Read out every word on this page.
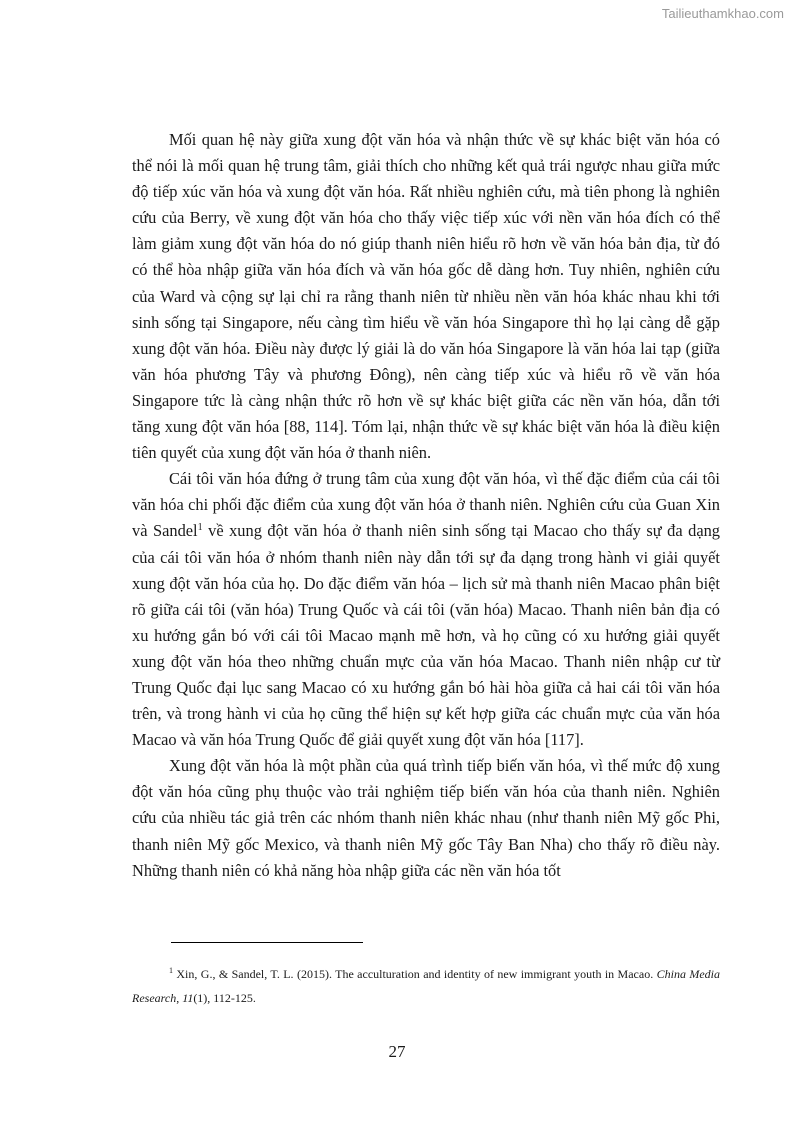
Tailieuthamkhao.com

Mối quan hệ này giữa xung đột văn hóa và nhận thức về sự khác biệt văn hóa có thể nói là mối quan hệ trung tâm, giải thích cho những kết quả trái ngược nhau giữa mức độ tiếp xúc văn hóa và xung đột văn hóa. Rất nhiều nghiên cứu, mà tiên phong là nghiên cứu của Berry, về xung đột văn hóa cho thấy việc tiếp xúc với nền văn hóa đích có thể làm giảm xung đột văn hóa do nó giúp thanh niên hiểu rõ hơn về văn hóa bản địa, từ đó có thể hòa nhập giữa văn hóa đích và văn hóa gốc dễ dàng hơn. Tuy nhiên, nghiên cứu của Ward và cộng sự lại chỉ ra rằng thanh niên từ nhiều nền văn hóa khác nhau khi tới sinh sống tại Singapore, nếu càng tìm hiểu về văn hóa Singapore thì họ lại càng dễ gặp xung đột văn hóa. Điều này được lý giải là do văn hóa Singapore là văn hóa lai tạp (giữa văn hóa phương Tây và phương Đông), nên càng tiếp xúc và hiểu rõ về văn hóa Singapore tức là càng nhận thức rõ hơn về sự khác biệt giữa các nền văn hóa, dẫn tới tăng xung đột văn hóa [88, 114]. Tóm lại, nhận thức về sự khác biệt văn hóa là điều kiện tiên quyết của xung đột văn hóa ở thanh niên.

Cái tôi văn hóa đứng ở trung tâm của xung đột văn hóa, vì thế đặc điểm của cái tôi văn hóa chi phối đặc điểm của xung đột văn hóa ở thanh niên. Nghiên cứu của Guan Xin và Sandel$^1$ về xung đột văn hóa ở thanh niên sinh sống tại Macao cho thấy sự đa dạng của cái tôi văn hóa ở nhóm thanh niên này dẫn tới sự đa dạng trong hành vi giải quyết xung đột văn hóa của họ. Do đặc điểm văn hóa – lịch sử mà thanh niên Macao phân biệt rõ giữa cái tôi (văn hóa) Trung Quốc và cái tôi (văn hóa) Macao. Thanh niên bản địa có xu hướng gắn bó với cái tôi Macao mạnh mẽ hơn, và họ cũng có xu hướng giải quyết xung đột văn hóa theo những chuẩn mực của văn hóa Macao. Thanh niên nhập cư từ Trung Quốc đại lục sang Macao có xu hướng gắn bó hài hòa giữa cả hai cái tôi văn hóa trên, và trong hành vi của họ cũng thể hiện sự kết hợp giữa các chuẩn mực của văn hóa Macao và văn hóa Trung Quốc để giải quyết xung đột văn hóa [117].

Xung đột văn hóa là một phần của quá trình tiếp biến văn hóa, vì thế mức độ xung đột văn hóa cũng phụ thuộc vào trải nghiệm tiếp biến văn hóa của thanh niên. Nghiên cứu của nhiều tác giả trên các nhóm thanh niên khác nhau (như thanh niên Mỹ gốc Phi, thanh niên Mỹ gốc Mexico, và thanh niên Mỹ gốc Tây Ban Nha) cho thấy rõ điều này. Những thanh niên có khả năng hòa nhập giữa các nền văn hóa tốt

$^1$ Xin, G., & Sandel, T. L. (2015). The acculturation and identity of new immigrant youth in Macao. China Media Research, 11(1), 112-125.
27
